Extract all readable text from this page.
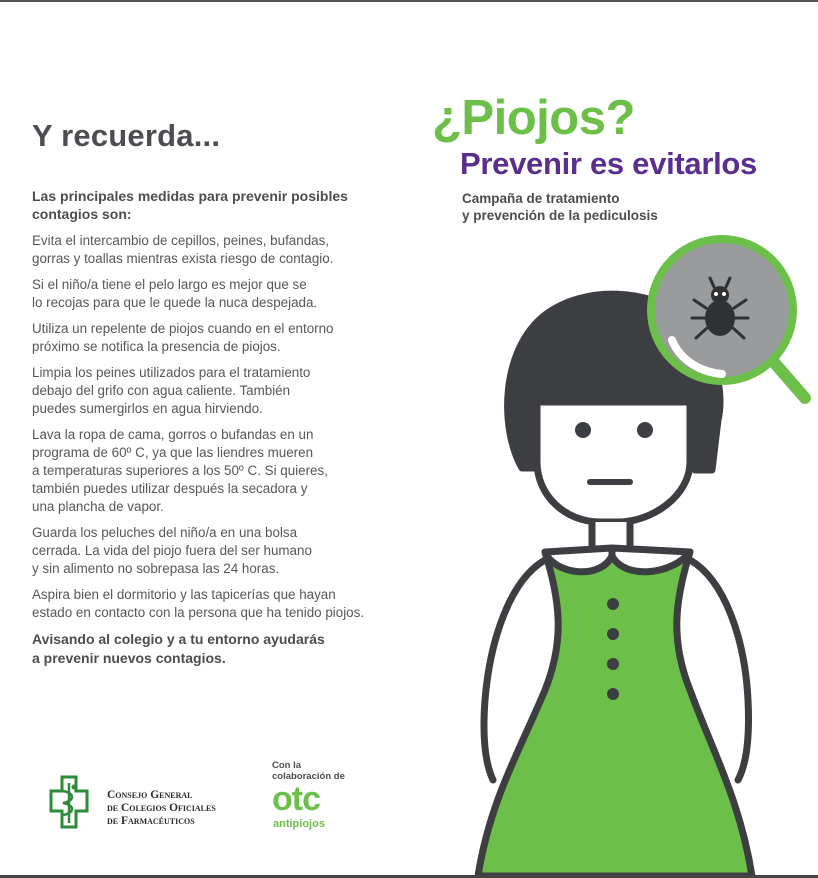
Y recuerda...

Las principales medidas para prevenir posibles contagios son:

Evita el intercambio de cepillos, peines, bufandas,
gorras y toallas mientras exista riesgo de contagio.

Si el niño/a tiene el pelo largo es mejor que se
lo recojas para que le quede la nuca despejada.

Utiliza un repelente de piojos cuando en el entorno
próximo se notifica la presencia de piojos.

Limpia los peines utilizados para el tratamiento
debajo del grifo con agua caliente. También
puedes sumergirlos en agua hirviendo.

Lava la ropa de cama, gorros o bufandas en un
programa de 60º C, ya que las liendres mueren
a temperaturas superiores a los 50º C. Si quieres,
también puedes utilizar después la secadora y
una plancha de vapor.

Guarda los peluches del niño/a en una bolsa
cerrada. La vida del piojo fuera del ser humano
y sin alimento no sobrepasa las 24 horas.

Aspira bien el dormitorio y las tapicerías que hayan
estado en contacto con la persona que ha tenido piojos.

Avisando al colegio y a tu entorno ayudarás
a prevenir nuevos contagios.

¿Piojos?
Prevenir es evitarlos

Campaña de tratamiento
y prevención de la pediculosis

Consejo General
de Colegios Oficiales
de Farmacéuticos

Con la
colaboración de

otc

antipiojos
